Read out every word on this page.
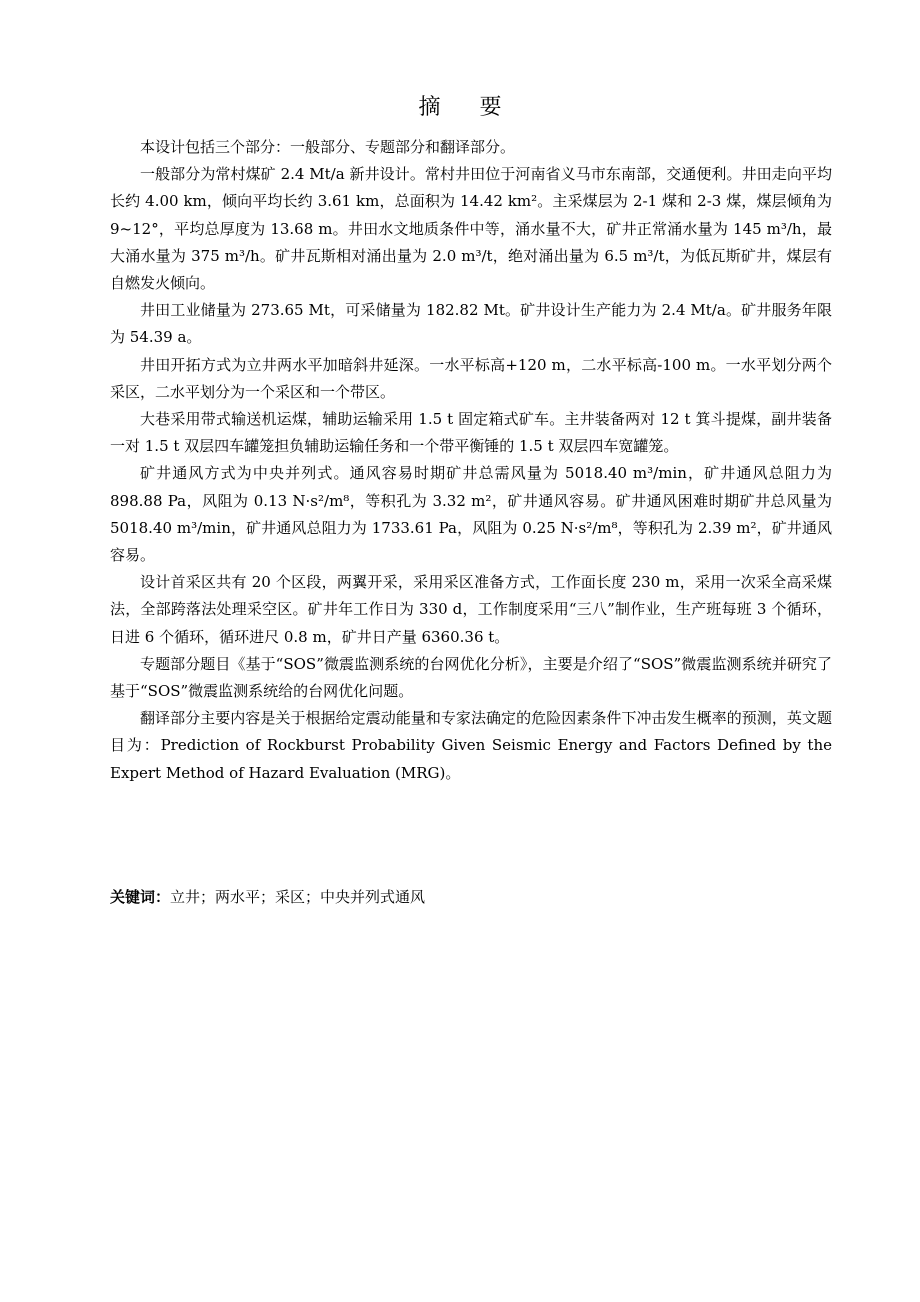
摘 要

本设计包括三个部分：一般部分、专题部分和翻译部分。

一般部分为常村煤矿 2.4 Mt/a 新井设计。常村井田位于河南省义马市东南部，交通便利。井田走向平均长约 4.00 km，倾向平均长约 3.61 km，总面积为 14.42 km²。主采煤层为 2-1 煤和 2-3 煤，煤层倾角为 9~12°，平均总厚度为 13.68 m。井田水文地质条件中等，涌水量不大，矿井正常涌水量为 145 m³/h，最大涌水量为 375 m³/h。矿井瓦斯相对涌出量为 2.0 m³/t，绝对涌出量为 6.5 m³/t，为低瓦斯矿井，煤层有自燃发火倾向。

井田工业储量为 273.65 Mt，可采储量为 182.82 Mt。矿井设计生产能力为 2.4 Mt/a。矿井服务年限为 54.39 a。

井田开拓方式为立井两水平加暗斜井延深。一水平标高+120 m，二水平标高-100 m。一水平划分两个采区，二水平划分为一个采区和一个带区。

大巷采用带式输送机运煤，辅助运输采用 1.5 t 固定箱式矿车。主井装备两对 12 t 箕斗提煤，副井装备一对 1.5 t 双层四车罐笼担负辅助运输任务和一个带平衡锤的 1.5 t 双层四车宽罐笼。

矿井通风方式为中央并列式。通风容易时期矿井总需风量为 5018.40 m³/min，矿井通风总阻力为 898.88 Pa，风阻为 0.13 N·s²/m⁸，等积孔为 3.32 m²，矿井通风容易。矿井通风困难时期矿井总风量为 5018.40 m³/min，矿井通风总阻力为 1733.61 Pa，风阻为 0.25 N·s²/m⁸，等积孔为 2.39 m²，矿井通风容易。

设计首采区共有 20 个区段，两翼开采，采用采区准备方式，工作面长度 230 m，采用一次采全高采煤法，全部跨落法处理采空区。矿井年工作日为 330 d，工作制度采用“三八”制作业，生产班每班 3 个循环，日进 6 个循环，循环进尺 0.8 m，矿井日产量 6360.36 t。

专题部分题目《基于“SOS”微震监测系统的台网优化分析》，主要是介绍了“SOS”微震监测系统并研究了基于“SOS”微震监测系统给的台网优化问题。

翻译部分主要内容是关于根据给定震动能量和专家法确定的危险因素条件下冲击发生概率的预测，英文题目为：Prediction of Rockburst Probability Given Seismic Energy and Factors Defined by the Expert Method of Hazard Evaluation (MRG)。

关键词：立井；两水平；采区；中央并列式通风
